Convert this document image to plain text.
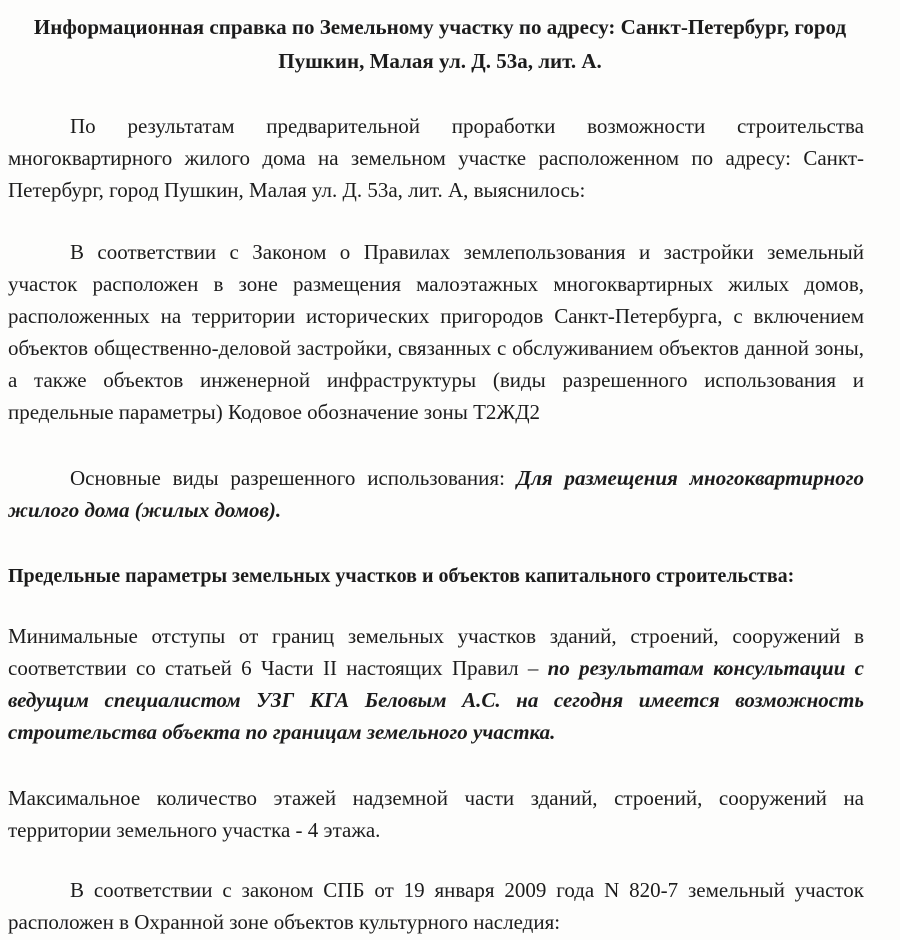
Информационная справка по Земельному участку по адресу: Санкт-Петербург, город Пушкин, Малая ул. Д. 53а, лит. А.
По результатам предварительной проработки возможности строительства многоквартирного жилого дома на земельном участке расположенном по адресу: Санкт-Петербург, город Пушкин, Малая ул. Д. 53а, лит. А, выяснилось:
В соответствии с Законом о Правилах землепользования и застройки земельный участок расположен в зоне размещения малоэтажных многоквартирных жилых домов, расположенных на территории исторических пригородов Санкт-Петербурга, с включением объектов общественно-деловой застройки, связанных с обслуживанием объектов данной зоны, а также объектов инженерной инфраструктуры (виды разрешенного использования и предельные параметры) Кодовое обозначение зоны Т2ЖД2
Основные виды разрешенного использования: Для размещения многоквартирного жилого дома (жилых домов).
Предельные параметры земельных участков и объектов капитального строительства:
Минимальные отступы от границ земельных участков зданий, строений, сооружений в соответствии со статьей 6 Части II настоящих Правил – по результатам консультации с ведущим специалистом УЗГ КГА Беловым А.С. на сегодня имеется возможность строительства объекта по границам земельного участка.
Максимальное количество этажей надземной части зданий, строений, сооружений на территории земельного участка - 4 этажа.
В соответствии с законом СПБ от 19 января 2009 года N 820-7 земельный участок расположен в Охранной зоне объектов культурного наследия:
